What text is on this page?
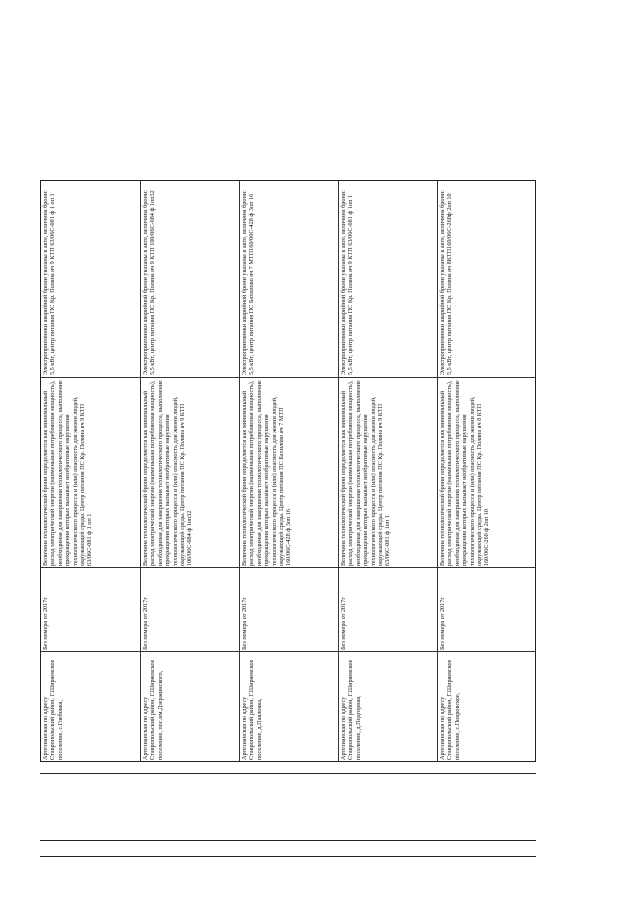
Электроприемники аварийной брони указаны в акте, величина брони: 5,5 кВт, центр питания ПС Кр. Поляна яч 9 КТП 63/06С-081 ф 1 оп 1
Величина технологической брони определяется как минимальный расход электрической энергии (наименьшая потребляемая мощность), необходимая для завершения технологического процесса, выполнение прекращения которых вызывает необратимые нарушения технологического процесса и (или) опасность для жизни людей, окружающей среды. Центр питания ПС Кр. Поляна яч 9 КТП 63/06С-081 ф 1 оп 1
Без номера от 2017г
Артезианская по адресу Ставропольский район, Г.Ширяевское поселение, с.Глебовка,
Электроприемники аварийной брони указаны в акте, величина брони: 5,5 кВт, центр питания ПС Кр. Поляна яч 9 КТП 100/06С-084 ф 1оп32
Величина технологической брони определяется как минимальный расход электрической энергии (наименьшая потребляемая мощность), необходимая для завершения технологического процесса, выполнение прекращения которых вызывает необратимые нарушения технологического процесса и (или) опасность для жизни людей, окружающей среды. Центр питания ПС Кр. Поляна яч 9 КТП 100/06С-084 ф 1оп32
Без номера от 2017г
Артезианская по адресу Ставропольский район, Г.Ширяевское поселение, пос.им.Дзержинского,
Электроприемники аварийной брони указаны в акте, величина брони: 5,5 кВт, центр питания ПС Бахилово яч 7 МТП160/06С-428 ф 3оп 16
Величина технологической брони определяется как минимальный расход электрической энергии (наименьшая потребляемая мощность), необходимая для завершения технологического процесса, выполнение прекращения которых вызывает необратимые нарушения технологического процесса и (или) опасность для жизни людей, окружающей среды. Центр питания ПС Бахилово яч 7 МТП 160/06С-428 ф 3оп 16
Без номера от 2017г
Артезианская по адресу Ставропольский район, Г.Ширяевское поселение, д.Павловка,
Электроприемники аварийной брони указаны в акте, величина брони: 5,5 кВт, центр питания ПС Кр. Поляна яч 9 КТП 63/06С-081 ф 1оп 1
Величина технологической брони определяется как минимальный расход электрической энергии (наименьшая потребляемая мощность), необходимая для завершения технологического процесса, выполнение прекращения которых вызывает необратимые нарушения технологического процесса и (или) опасность для жизни людей, окружающей среды. Центр питания ПС Кр. Поляна яч 9 КТП 63/06С-081 ф 1оп 1
Без номера от 2017г
Артезианская по адресу Ставропольский район, Г.Ширяевское поселение, д.Подгорная,
Электроприемники аварийной брони указаны в акте, величина брони: 5,5 кВт, центр питания ПС Кр. Поляна яч 8КТП160/06С-260ф 2оп 10
Величина технологической брони определяется как минимальный расход электрической энергии (наименьшая потребляемая мощность), необходимая для завершения технологического процесса, выполнение прекращения которых вызывает необратимые нарушения технологического процесса и (или) опасность для жизни людей, окружающей среды. Центр питания ПС Кр. Поляна яч 8 КТП 160/06С-260 ф 2оп 10
Без номера от 2017г
Артезианская по адресу Ставропольский район, Г.Ширяевское поселение, с.Покровское,
